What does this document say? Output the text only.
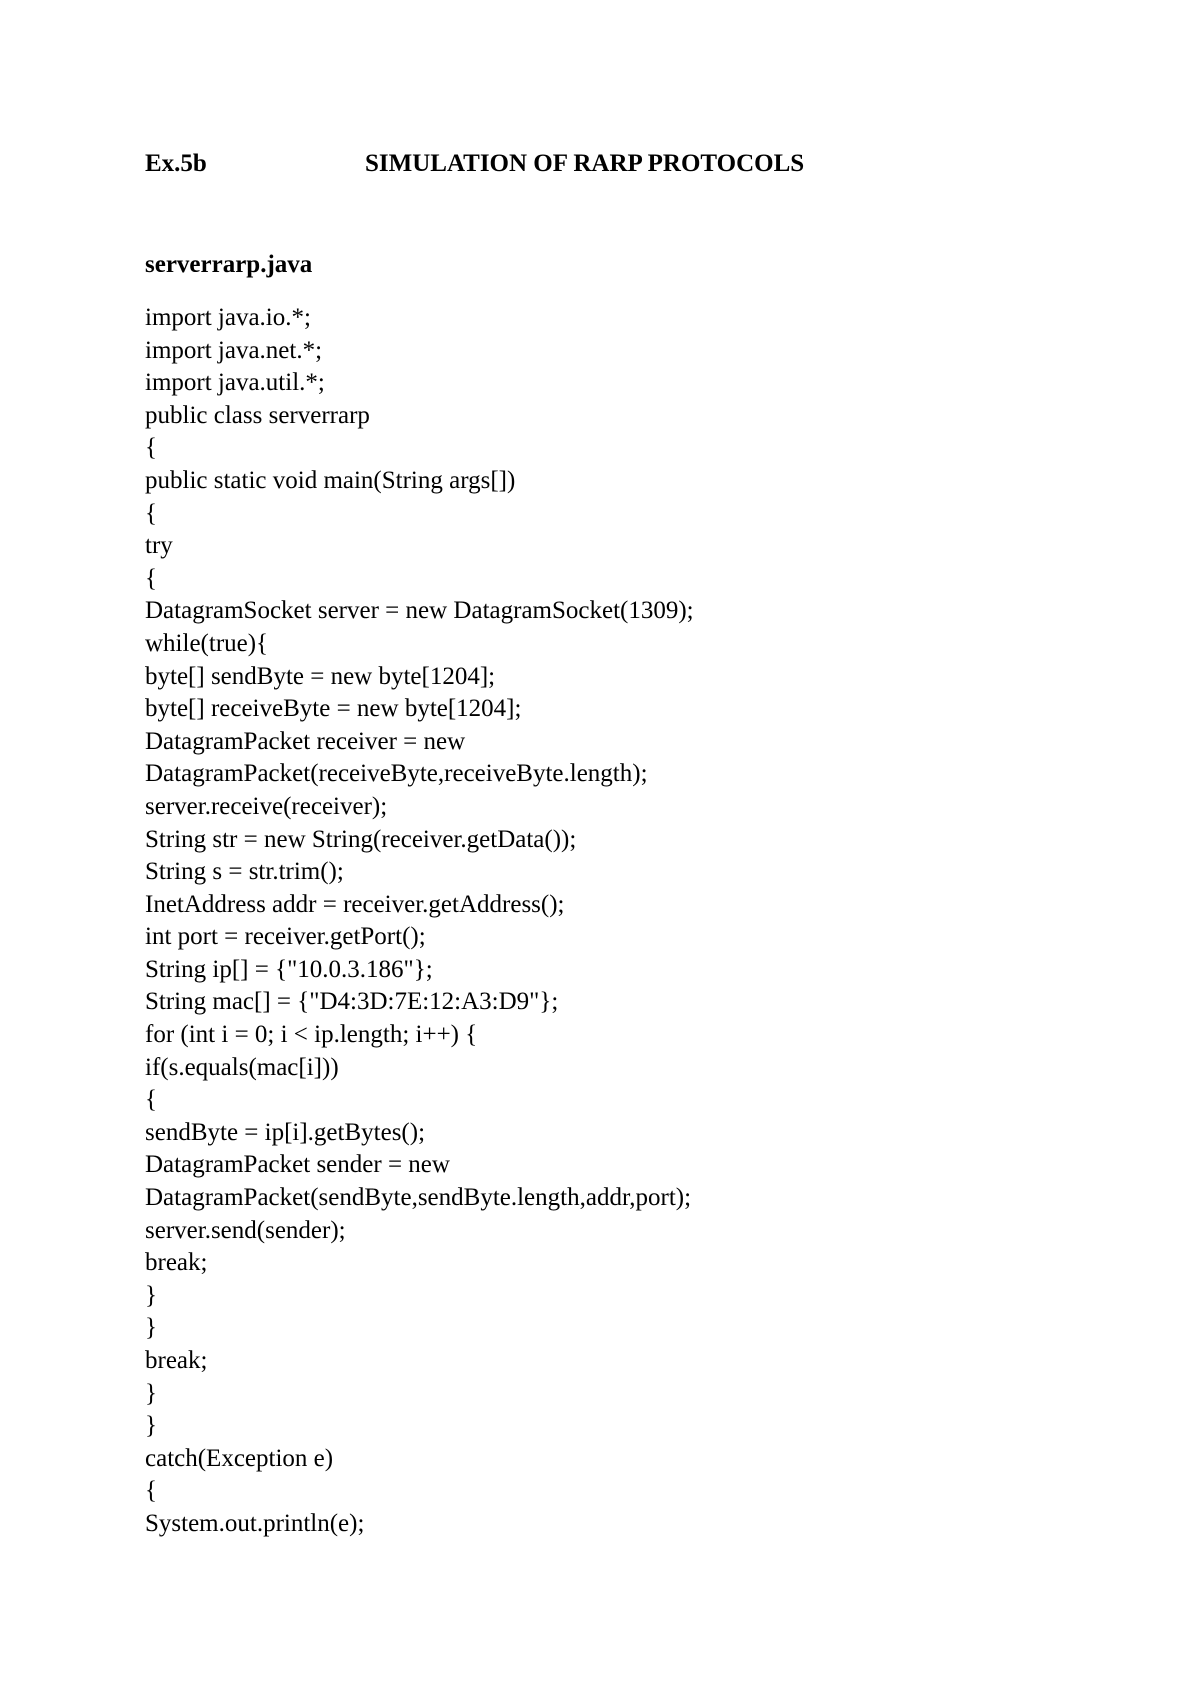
Ex.5b	SIMULATION OF RARP PROTOCOLS
serverrarp.java
import java.io.*;
import java.net.*;
import java.util.*;
public class serverrarp
{
public static void main(String args[])
{
try
{
DatagramSocket server = new DatagramSocket(1309);
while(true){
byte[] sendByte = new byte[1204];
byte[] receiveByte = new byte[1204];
DatagramPacket receiver = new
DatagramPacket(receiveByte,receiveByte.length);
server.receive(receiver);
String str = new String(receiver.getData());
String s = str.trim();
InetAddress addr = receiver.getAddress();
int port = receiver.getPort();
String ip[] = {"10.0.3.186"};
String mac[] = {"D4:3D:7E:12:A3:D9"};
for (int i = 0; i < ip.length; i++) {
if(s.equals(mac[i]))
{
sendByte = ip[i].getBytes();
DatagramPacket sender = new
DatagramPacket(sendByte,sendByte.length,addr,port);
server.send(sender);
break;
}
}
break;
}
}
catch(Exception e)
{
System.out.println(e);
